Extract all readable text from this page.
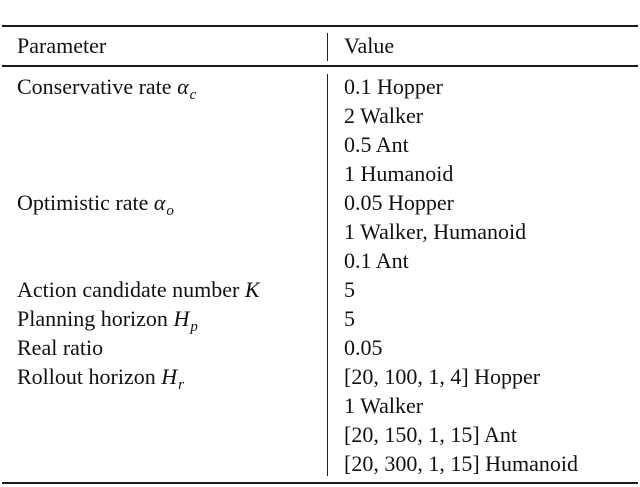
Parameter	Value
Conservative rate $\alpha_c$
Optimistic rate $\alpha_o$
Action candidate number K
Planning horizon $H_p$
Real ratio
Rollout horizon $H_r$
0.1 Hopper
2 Walker
0.5 Ant
1 Humanoid
0.05 Hopper
1 Walker, Humanoid
0.1 Ant
5
5
0.05
[20, 100, 1, 4] Hopper
1 Walker
[20, 150, 1, 15] Ant
[20, 300, 1, 15] Humanoid
